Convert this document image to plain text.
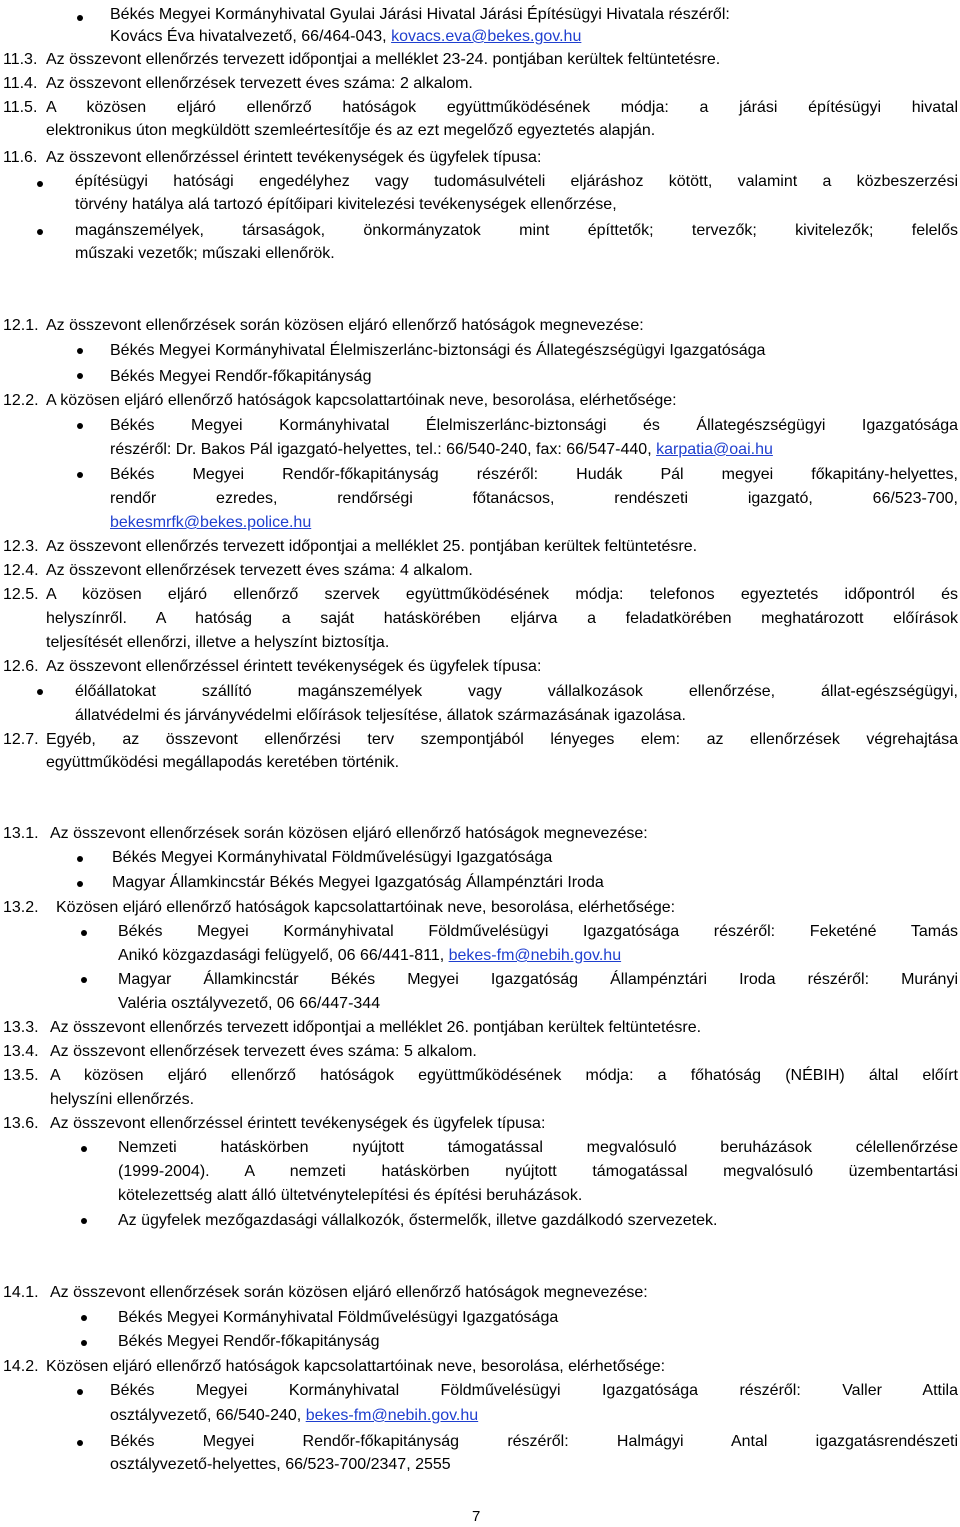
Békés Megyei Kormányhivatal Gyulai Járási Hivatal Járási Építésügyi Hivatala részéről:
Kovács Éva hivatalvezető, 66/464-043, kovacs.eva@bekes.gov.hu
11.3. Az összevont ellenőrzés tervezett időpontjai a melléklet 23-24. pontjában kerültek feltüntetésre.
11.4. Az összevont ellenőrzések tervezett éves száma: 2 alkalom.
11.5. A közösen eljáró ellenőrző hatóságok együttműködésének módja: a járási építésügyi hivatal
elektronikus úton megküldött szemleértesítője és az ezt megelőző egyeztetés alapján.
11.6. Az összevont ellenőrzéssel érintett tevékenységek és ügyfelek típusa:
építésügyi hatósági engedélyhez vagy tudomásulvételi eljáráshoz kötött, valamint a közbeszerzési
törvény hatálya alá tartozó építőipari kivitelezési tevékenységek ellenőrzése,
magánszemélyek, társaságok, önkormányzatok mint építtetők; tervezők; kivitelezők; felelős
műszaki vezetők; műszaki ellenőrök.
12.1. Az összevont ellenőrzések során közösen eljáró ellenőrző hatóságok megnevezése:
Békés Megyei Kormányhivatal Élelmiszerlánc-biztonsági és Állategészségügyi Igazgatósága
Békés Megyei Rendőr-főkapitányság
12.2. A közösen eljáró ellenőrző hatóságok kapcsolattartóinak neve, besorolása, elérhetősége:
Békés Megyei Kormányhivatal Élelmiszerlánc-biztonsági és Állategészségügyi Igazgatósága
részéről: Dr. Bakos Pál igazgató-helyettes, tel.: 66/540-240, fax: 66/547-440, karpatia@oai.hu
Békés Megyei Rendőr-főkapitányság részéről: Hudák Pál megyei főkapitány-helyettes,
rendőr ezredes, rendőrségi főtanácsos, rendészeti igazgató, 66/523-700,
bekesmrfk@bekes.police.hu
12.3. Az összevont ellenőrzés tervezett időpontjai a melléklet 25. pontjában kerültek feltüntetésre.
12.4. Az összevont ellenőrzések tervezett éves száma: 4 alkalom.
12.5. A közösen eljáró ellenőrző szervek együttműködésének módja: telefonos egyeztetés időpontról és
helyszínről. A hatóság a saját hatáskörében eljárva a feladatkörében meghatározott előírások
teljesítését ellenőrzi, illetve a helyszínt biztosítja.
12.6. Az összevont ellenőrzéssel érintett tevékenységek és ügyfelek típusa:
élőállatokat szállító magánszemélyek vagy vállalkozások ellenőrzése, állat-egészségügyi,
állatvédelmi és járványvédelmi előírások teljesítése, állatok származásának igazolása.
12.7. Egyéb, az összevont ellenőrzési terv szempontjából lényeges elem: az ellenőrzések végrehajtása
együttműködési megállapodás keretében történik.
13.1. Az összevont ellenőrzések során közösen eljáró ellenőrző hatóságok megnevezése:
Békés Megyei Kormányhivatal Földművelésügyi Igazgatósága
Magyar Államkincstár Békés Megyei Igazgatóság Állampénztári Iroda
13.2. Közösen eljáró ellenőrző hatóságok kapcsolattartóinak neve, besorolása, elérhetősége:
Békés Megyei Kormányhivatal Földművelésügyi Igazgatósága részéről: Feketéné Tamás
Anikó közgazdasági felügyelő, 06 66/441-811, bekes-fm@nebih.gov.hu
Magyar Államkincstár Békés Megyei Igazgatóság Állampénztári Iroda részéről: Murányi
Valéria osztályvezető, 06 66/447-344
13.3. Az összevont ellenőrzés tervezett időpontjai a melléklet 26. pontjában kerültek feltüntetésre.
13.4. Az összevont ellenőrzések tervezett éves száma: 5 alkalom.
13.5. A közösen eljáró ellenőrző hatóságok együttműködésének módja: a főhatóság (NÉBIH) által előírt
helyszíni ellenőrzés.
13.6. Az összevont ellenőrzéssel érintett tevékenységek és ügyfelek típusa:
Nemzeti hatáskörben nyújtott támogatással megvalósuló beruházások célellenőrzése
(1999-2004). A nemzeti hatáskörben nyújtott támogatással megvalósuló üzembentartási
kötelezettség alatt álló ültetvénytelepítési és építési beruházások.
Az ügyfelek mezőgazdasági vállalkozók, őstermelők, illetve gazdálkodó szervezetek.
14.1. Az összevont ellenőrzések során közösen eljáró ellenőrző hatóságok megnevezése:
Békés Megyei Kormányhivatal Földművelésügyi Igazgatósága
Békés Megyei Rendőr-főkapitányság
14.2. Közösen eljáró ellenőrző hatóságok kapcsolattartóinak neve, besorolása, elérhetősége:
Békés Megyei Kormányhivatal Földművelésügyi Igazgatósága részéről: Valler Attila
osztályvezető, 66/540-240, bekes-fm@nebih.gov.hu
Békés Megyei Rendőr-főkapitányság részéről: Halmágyi Antal igazgatásrendészeti
osztályvezető-helyettes, 66/523-700/2347, 2555
7
